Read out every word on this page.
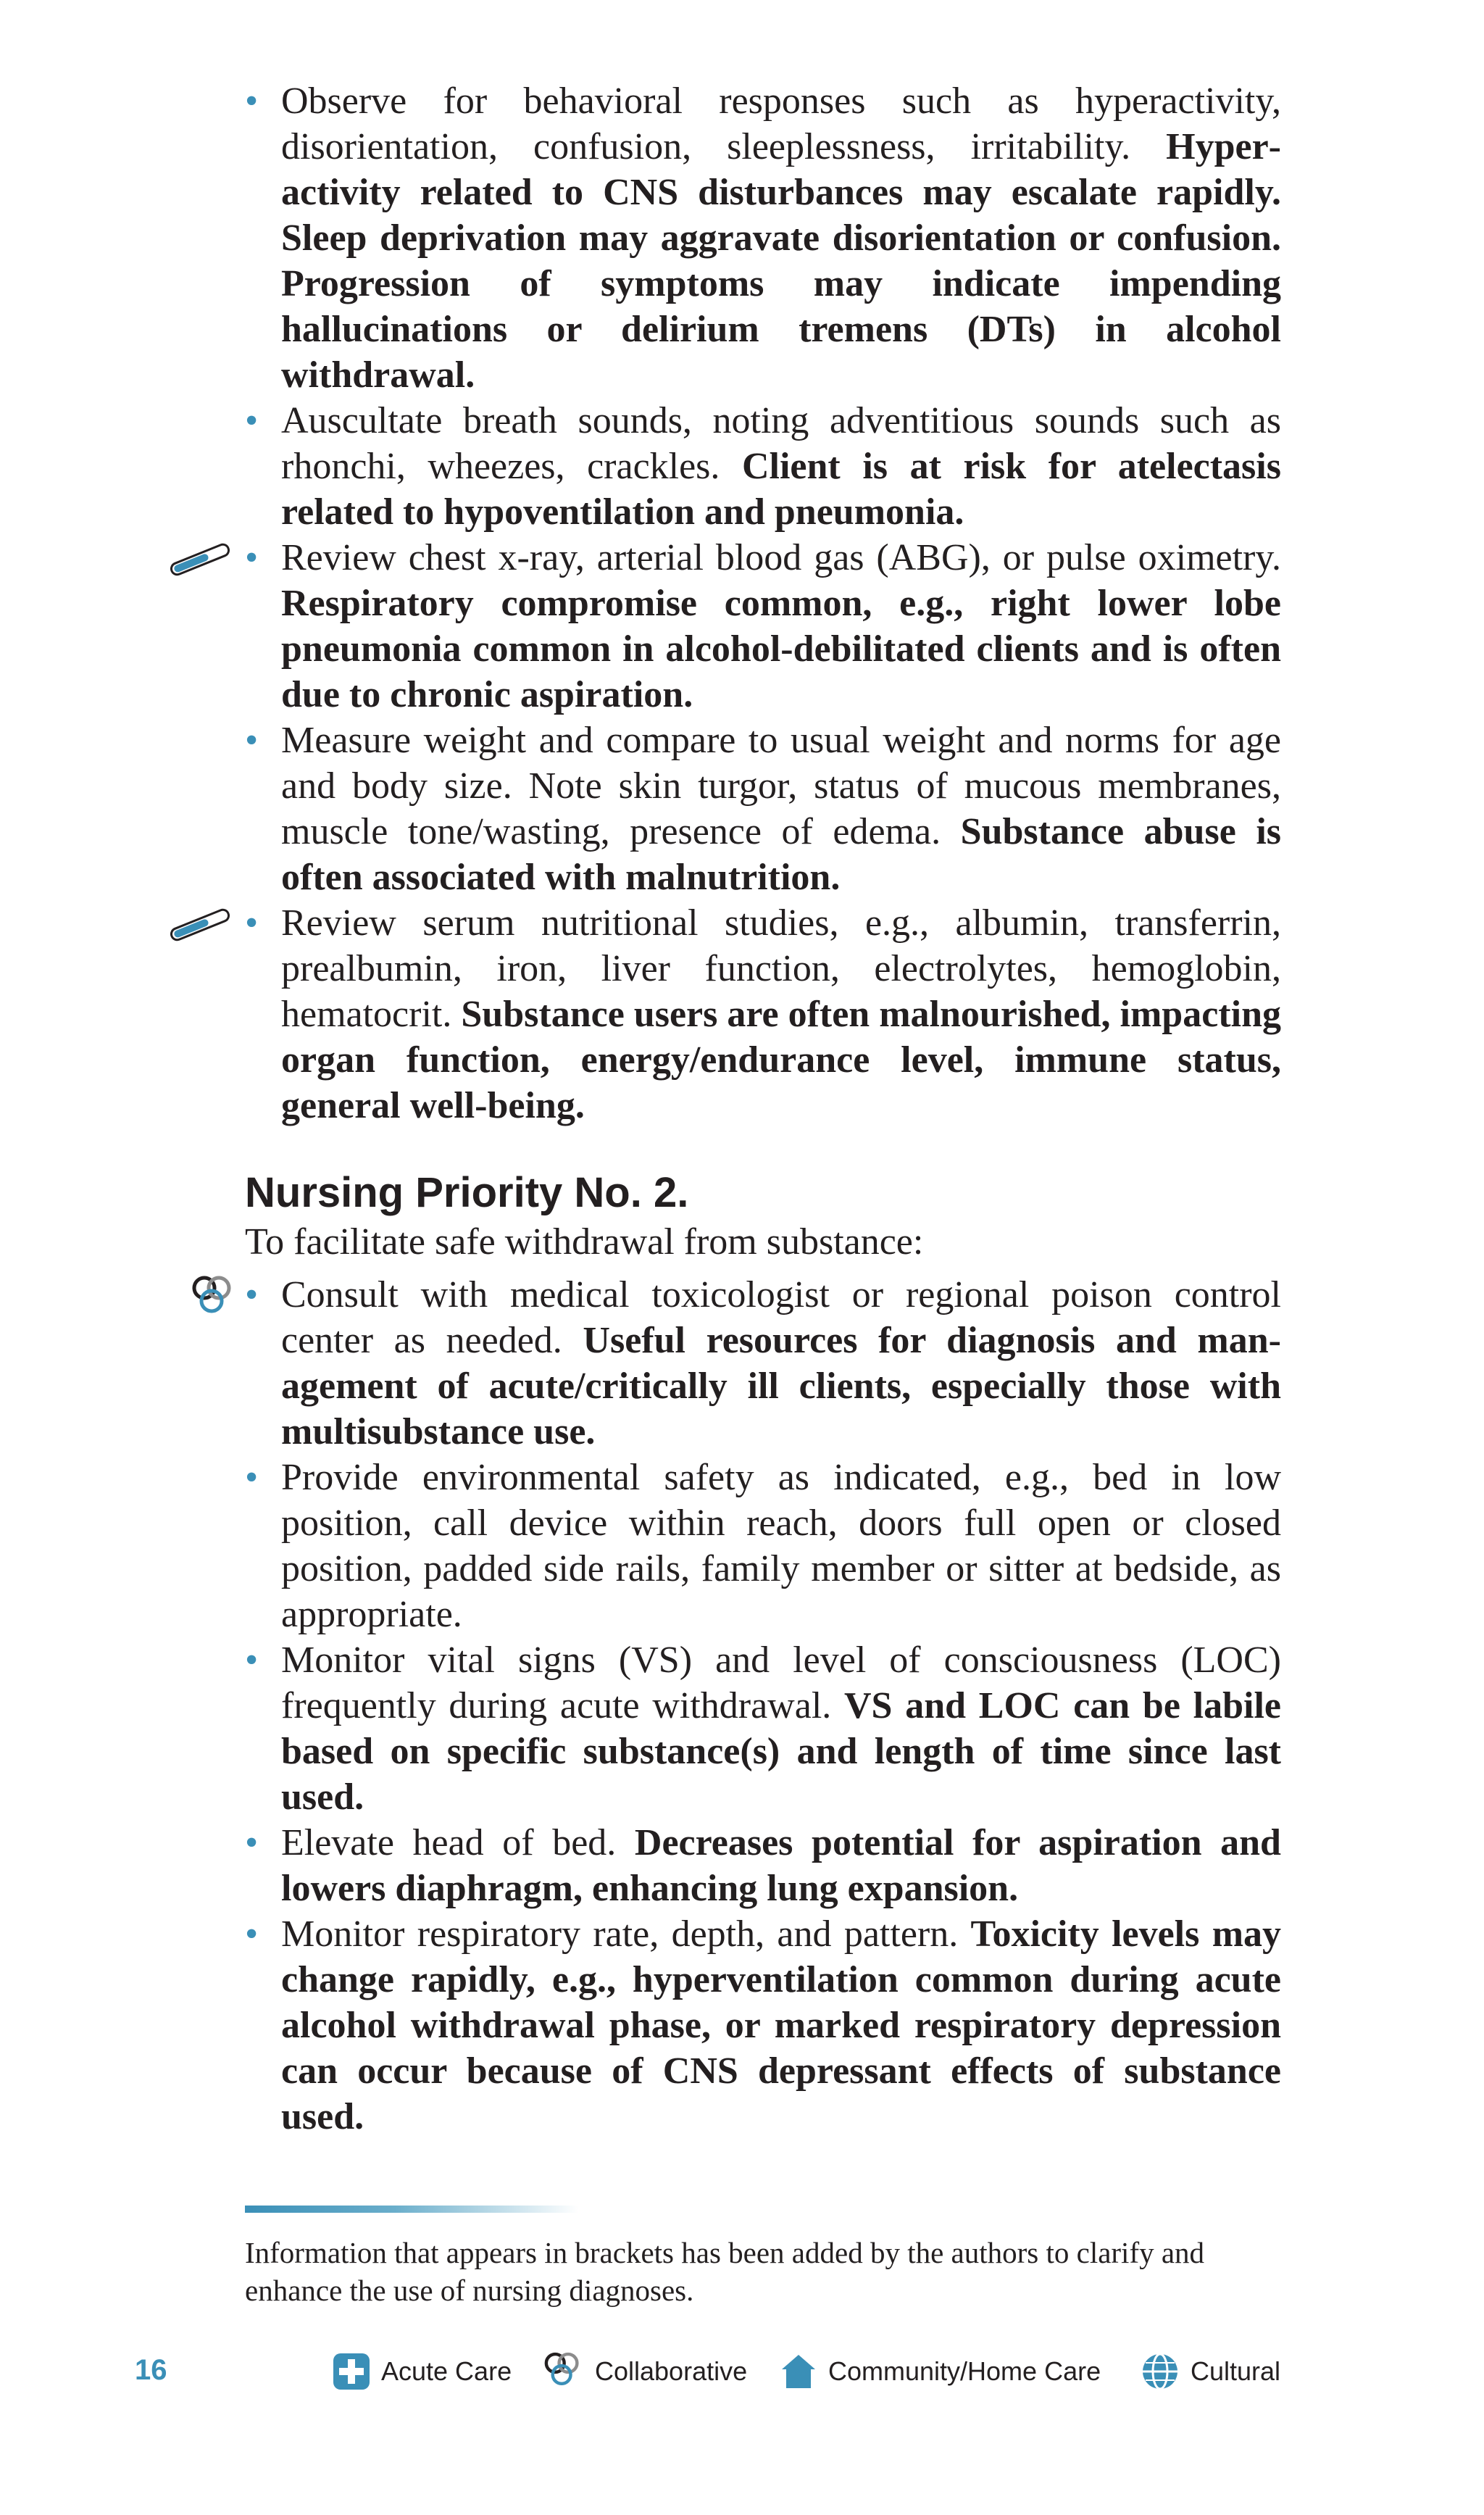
• Observe for behavioral responses such as hyperactivity, disorientation, confusion, sleeplessness, irritability. Hyperactivity related to CNS disturbances may escalate rapidly. Sleep deprivation may aggravate disorientation or confusion. Progression of symptoms may indicate impending hallucinations or delirium tremens (DTs) in alcohol withdrawal.
• Auscultate breath sounds, noting adventitious sounds such as rhonchi, wheezes, crackles. Client is at risk for atelectasis related to hypoventilation and pneumonia.
• Review chest x-ray, arterial blood gas (ABG), or pulse oximetry. Respiratory compromise common, e.g., right lower lobe pneumonia common in alcohol-debilitated clients and is often due to chronic aspiration.
• Measure weight and compare to usual weight and norms for age and body size. Note skin turgor, status of mucous membranes, muscle tone/wasting, presence of edema. Substance abuse is often associated with malnutrition.
• Review serum nutritional studies, e.g., albumin, transferrin, prealbumin, iron, liver function, electrolytes, hemoglobin, hematocrit. Substance users are often malnourished, impacting organ function, energy/endurance level, immune status, general well-being.
Nursing Priority No. 2.
To facilitate safe withdrawal from substance:
• Consult with medical toxicologist or regional poison control center as needed. Useful resources for diagnosis and management of acute/critically ill clients, especially those with multisubstance use.
• Provide environmental safety as indicated, e.g., bed in low position, call device within reach, doors full open or closed position, padded side rails, family member or sitter at bedside, as appropriate.
• Monitor vital signs (VS) and level of consciousness (LOC) frequently during acute withdrawal. VS and LOC can be labile based on specific substance(s) and length of time since last used.
• Elevate head of bed. Decreases potential for aspiration and lowers diaphragm, enhancing lung expansion.
• Monitor respiratory rate, depth, and pattern. Toxicity levels may change rapidly, e.g., hyperventilation common during acute alcohol withdrawal phase, or marked respiratory depression can occur because of CNS depressant effects of substance used.
Information that appears in brackets has been added by the authors to clarify and enhance the use of nursing diagnoses.
16	Acute Care	Collaborative	Community/Home Care	Cultural
